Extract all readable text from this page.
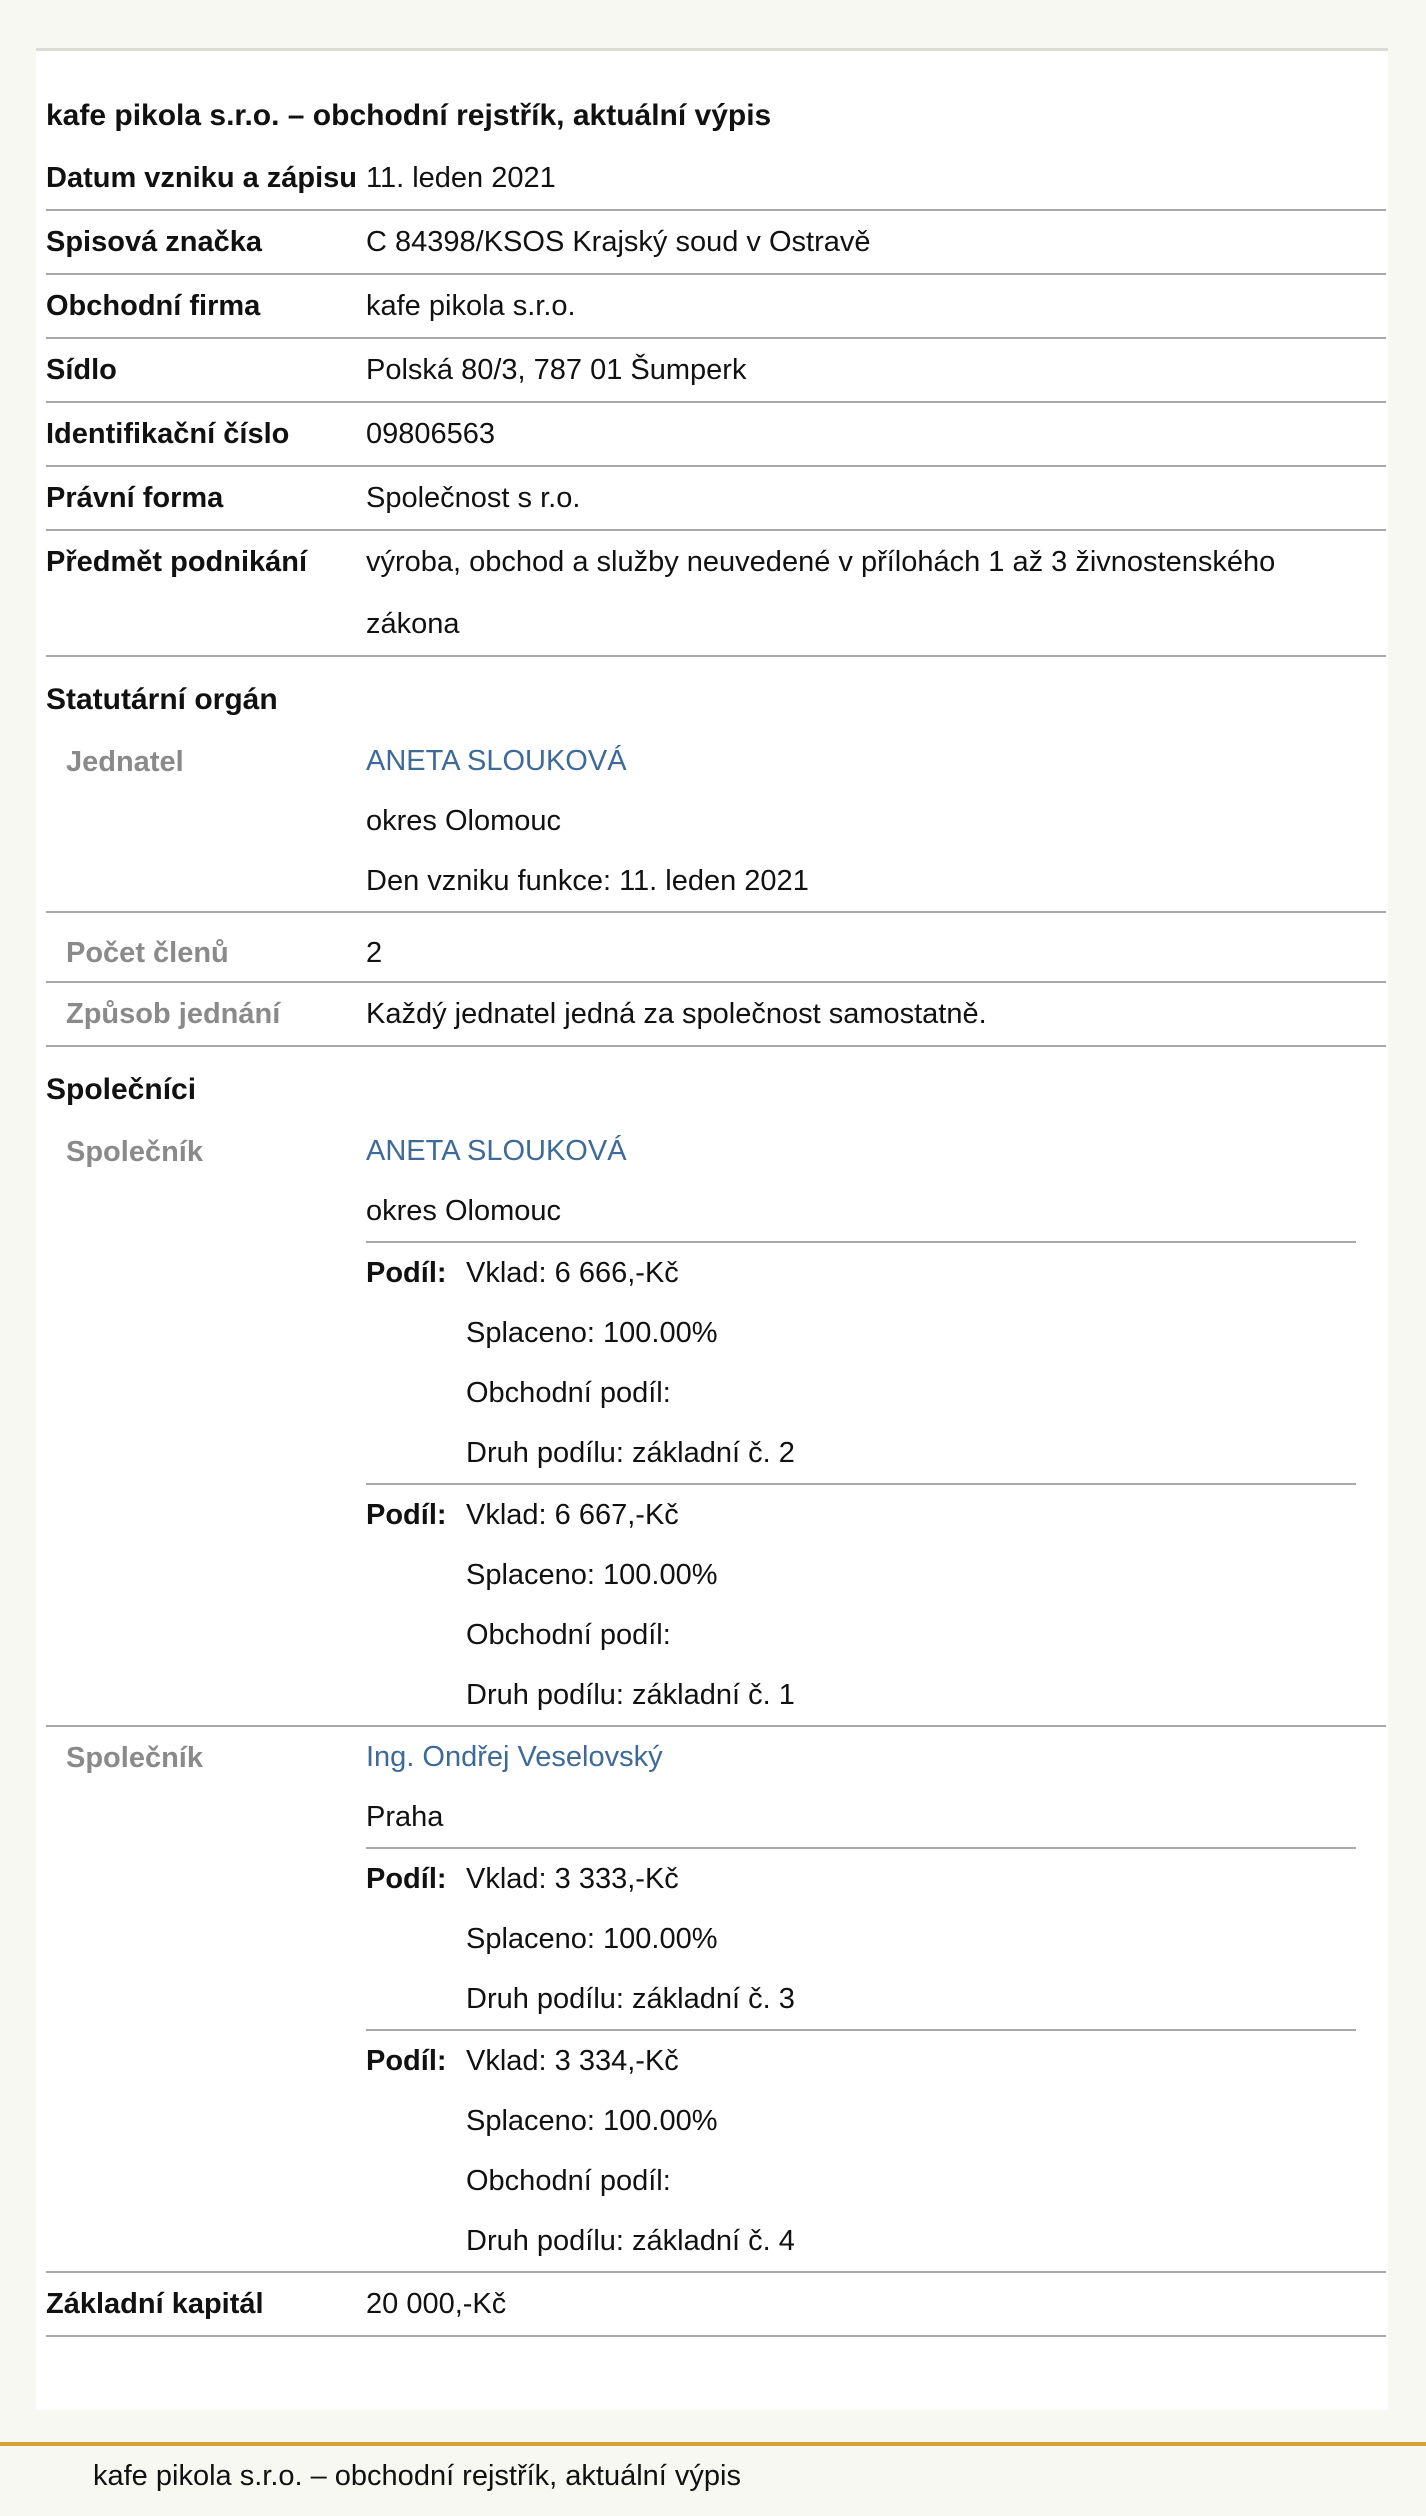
kafe pikola s.r.o. – obchodní rejstřík, aktuální výpis
Datum vzniku a zápisu 11. leden 2021
Spisová značka	C 84398/KSOS Krajský soud v Ostravě
Obchodní firma	kafe pikola s.r.o.
Sídlo	Polská 80/3, 787 01 Šumperk
Identifikační číslo	09806563
Právní forma	Společnost s r.o.
Předmět podnikání	výroba, obchod a služby neuvedené v přílohách 1 až 3 živnostenského zákona
Statutární orgán
Jednatel	ANETA SLOUKOVÁ
okres Olomouc
Den vzniku funkce: 11. leden 2021
Počet členů	2
Způsob jednání	Každý jednatel jedná za společnost samostatně.
Společníci
Společník	ANETA SLOUKOVÁ
okres Olomouc
Podíl: Vklad: 6 666,-Kč
Splaceno: 100.00%
Obchodní podíl:
Druh podílu: základní č. 2
Podíl: Vklad: 6 667,-Kč
Splaceno: 100.00%
Obchodní podíl:
Druh podílu: základní č. 1
Společník	Ing. Ondřej Veselovský
Praha
Podíl: Vklad: 3 333,-Kč
Splaceno: 100.00%
Druh podílu: základní č. 3
Podíl: Vklad: 3 334,-Kč
Splaceno: 100.00%
Obchodní podíl:
Druh podílu: základní č. 4
Základní kapitál	20 000,-Kč
kafe pikola s.r.o. – obchodní rejstřík, aktuální výpis
